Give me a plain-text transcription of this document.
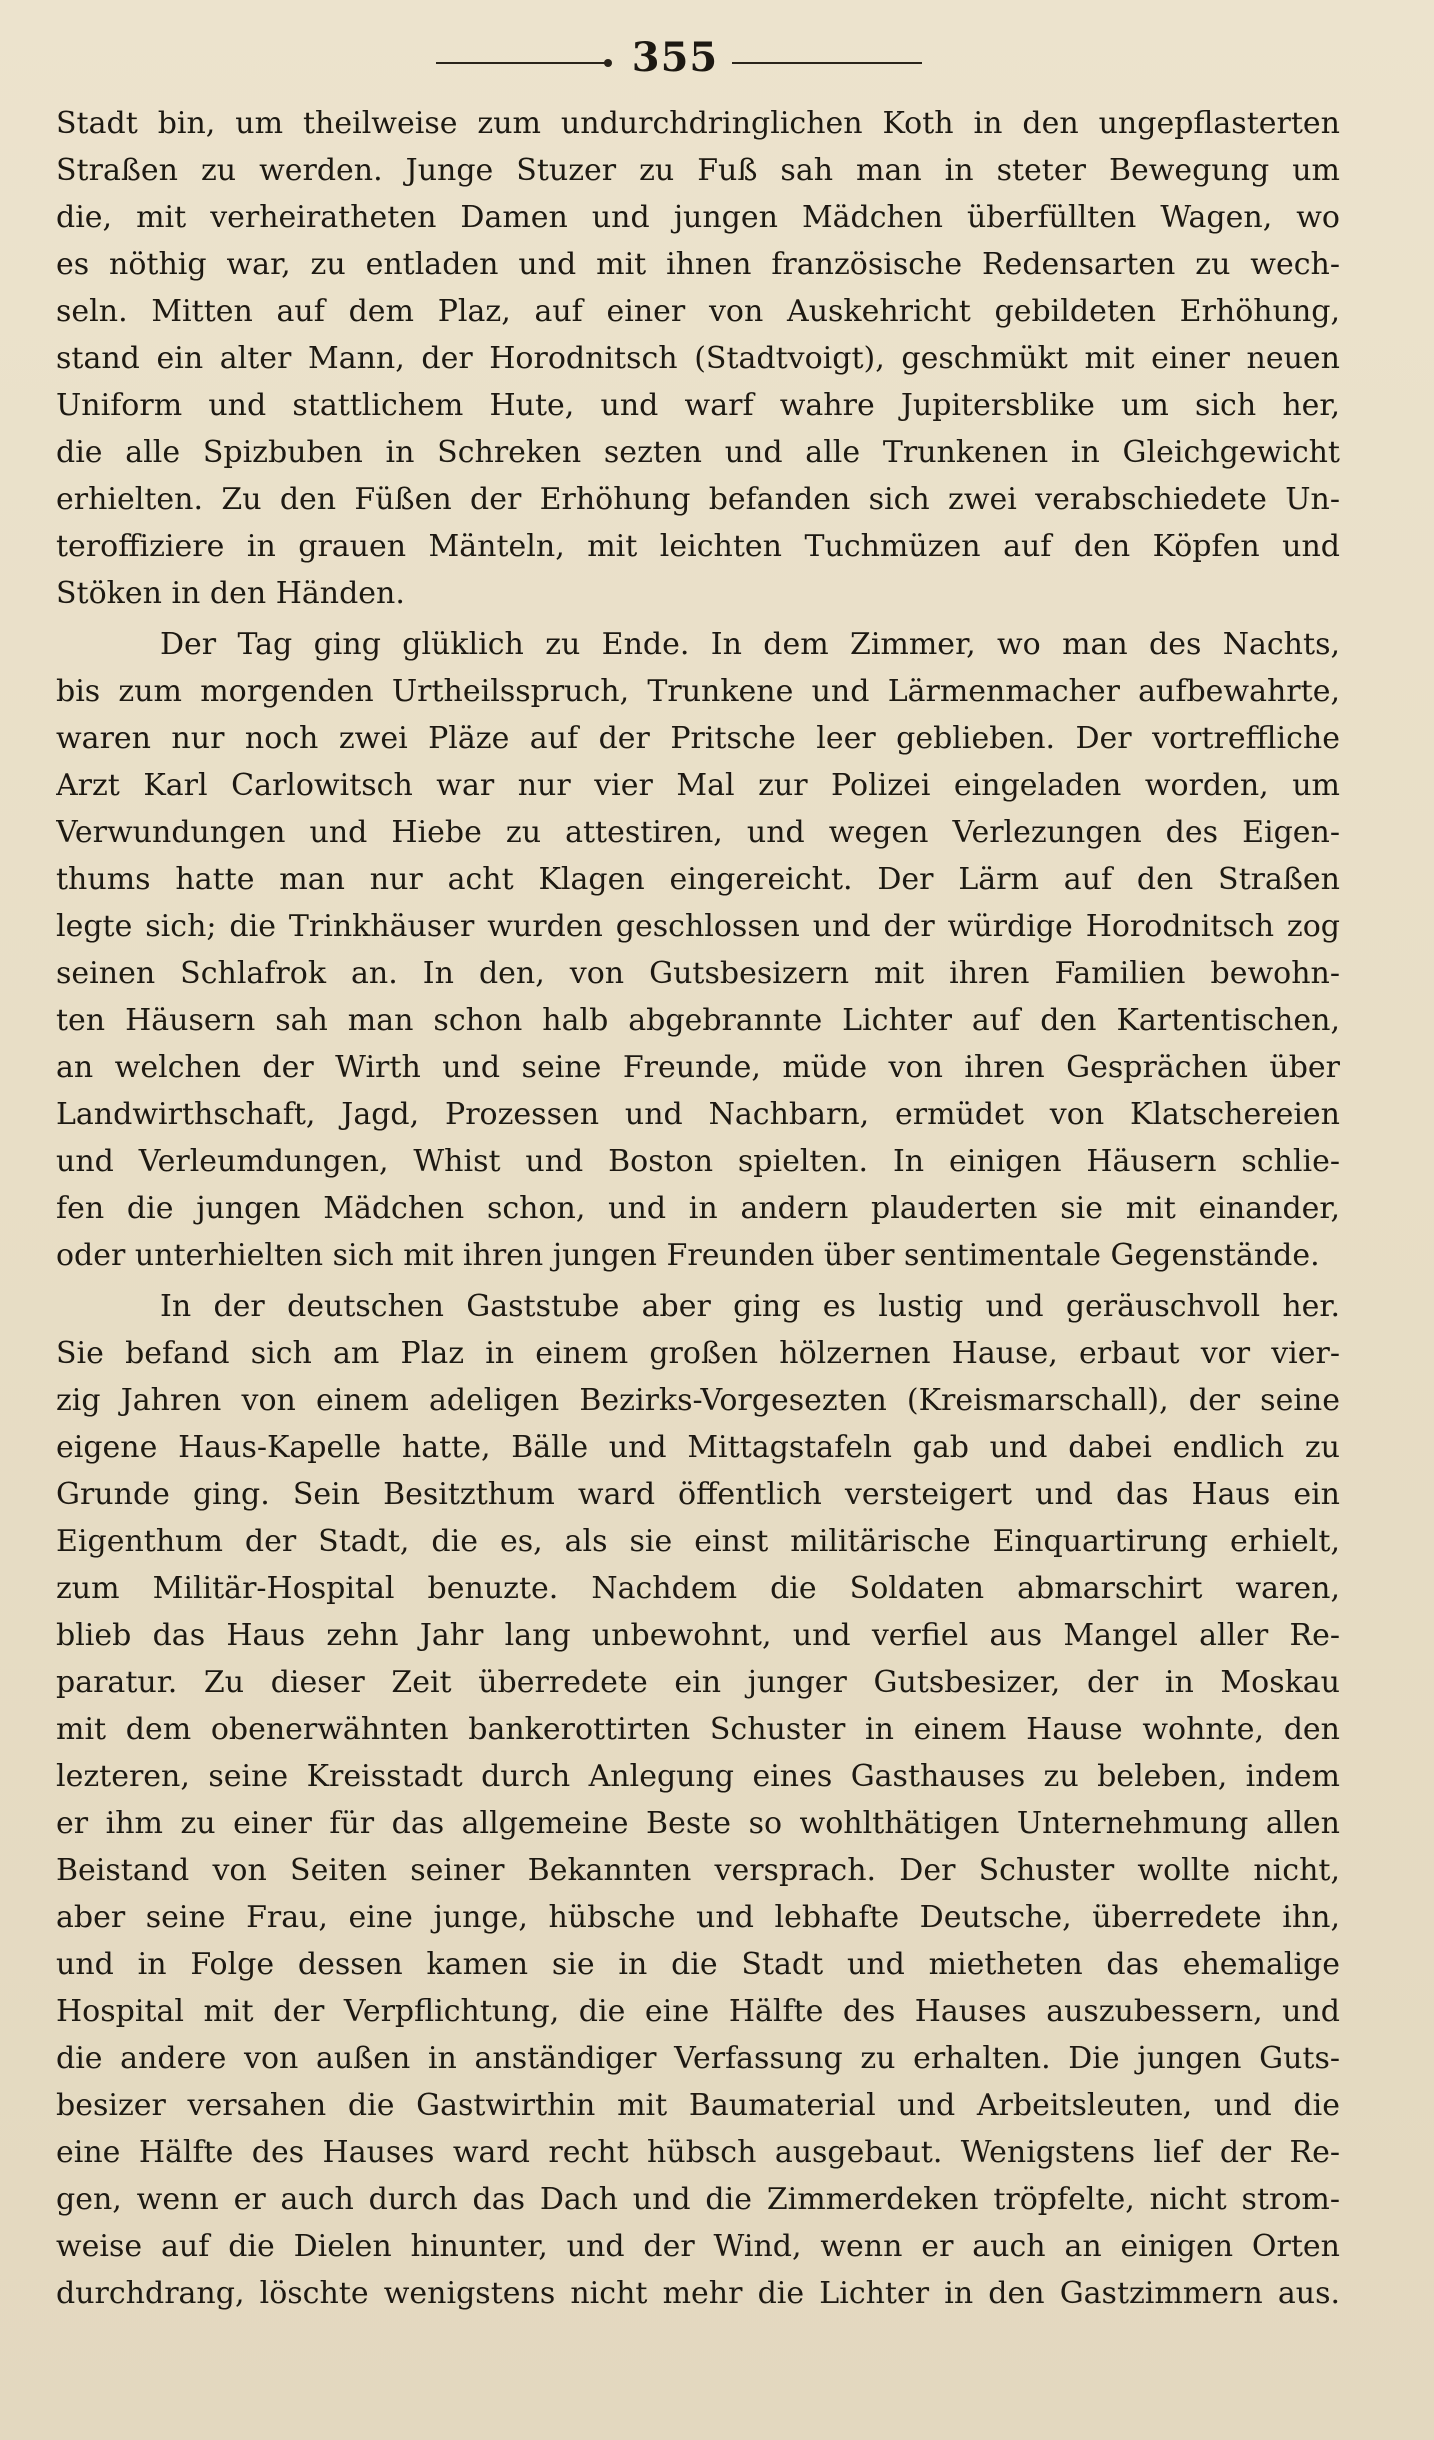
355
Stadt bin, um theilweise zum undurchdringlichen Koth in den ungepflasterten
Straßen zu werden. Junge Stuzer zu Fuß sah man in steter Bewegung um
die, mit verheiratheten Damen und jungen Mädchen überfüllten Wagen, wo
es nöthig war, zu entladen und mit ihnen französische Redensarten zu wech-
seln. Mitten auf dem Plaz, auf einer von Auskehricht gebildeten Erhöhung,
stand ein alter Mann, der Horodnitsch (Stadtvoigt), geschmükt mit einer neuen
Uniform und stattlichem Hute, und warf wahre Jupitersblike um sich her,
die alle Spizbuben in Schreken sezten und alle Trunkenen in Gleichgewicht
erhielten. Zu den Füßen der Erhöhung befanden sich zwei verabschiedete Un-
teroffiziere in grauen Mänteln, mit leichten Tuchmüzen auf den Köpfen und
Stöken in den Händen.
Der Tag ging glüklich zu Ende. In dem Zimmer, wo man des Nachts,
bis zum morgenden Urtheilsspruch, Trunkene und Lärmenmacher aufbewahrte,
waren nur noch zwei Pläze auf der Pritsche leer geblieben. Der vortreffliche
Arzt Karl Carlowitsch war nur vier Mal zur Polizei eingeladen worden, um
Verwundungen und Hiebe zu attestiren, und wegen Verlezungen des Eigen-
thums hatte man nur acht Klagen eingereicht. Der Lärm auf den Straßen
legte sich; die Trinkhäuser wurden geschlossen und der würdige Horodnitsch zog
seinen Schlafrok an. In den, von Gutsbesizern mit ihren Familien bewohn-
ten Häusern sah man schon halb abgebrannte Lichter auf den Kartentischen,
an welchen der Wirth und seine Freunde, müde von ihren Gesprächen über
Landwirthschaft, Jagd, Prozessen und Nachbarn, ermüdet von Klatschereien
und Verleumdungen, Whist und Boston spielten. In einigen Häusern schlie-
fen die jungen Mädchen schon, und in andern plauderten sie mit einander,
oder unterhielten sich mit ihren jungen Freunden über sentimentale Gegenstände.
In der deutschen Gaststube aber ging es lustig und geräuschvoll her.
Sie befand sich am Plaz in einem großen hölzernen Hause, erbaut vor vier-
zig Jahren von einem adeligen Bezirks-Vorgesezten (Kreismarschall), der seine
eigene Haus-Kapelle hatte, Bälle und Mittagstafeln gab und dabei endlich zu
Grunde ging. Sein Besitzthum ward öffentlich versteigert und das Haus ein
Eigenthum der Stadt, die es, als sie einst militärische Einquartirung erhielt,
zum Militär-Hospital benuzte. Nachdem die Soldaten abmarschirt waren,
blieb das Haus zehn Jahr lang unbewohnt, und verfiel aus Mangel aller Re-
paratur. Zu dieser Zeit überredete ein junger Gutsbesizer, der in Moskau
mit dem obenerwähnten bankerottirten Schuster in einem Hause wohnte, den
lezteren, seine Kreisstadt durch Anlegung eines Gasthauses zu beleben, indem
er ihm zu einer für das allgemeine Beste so wohlthätigen Unternehmung allen
Beistand von Seiten seiner Bekannten versprach. Der Schuster wollte nicht,
aber seine Frau, eine junge, hübsche und lebhafte Deutsche, überredete ihn,
und in Folge dessen kamen sie in die Stadt und mietheten das ehemalige
Hospital mit der Verpflichtung, die eine Hälfte des Hauses auszubessern, und
die andere von außen in anständiger Verfassung zu erhalten. Die jungen Guts-
besizer versahen die Gastwirthin mit Baumaterial und Arbeitsleuten, und die
eine Hälfte des Hauses ward recht hübsch ausgebaut. Wenigstens lief der Re-
gen, wenn er auch durch das Dach und die Zimmerdeken tröpfelte, nicht strom-
weise auf die Dielen hinunter, und der Wind, wenn er auch an einigen Orten
durchdrang, löschte wenigstens nicht mehr die Lichter in den Gastzimmern aus.
